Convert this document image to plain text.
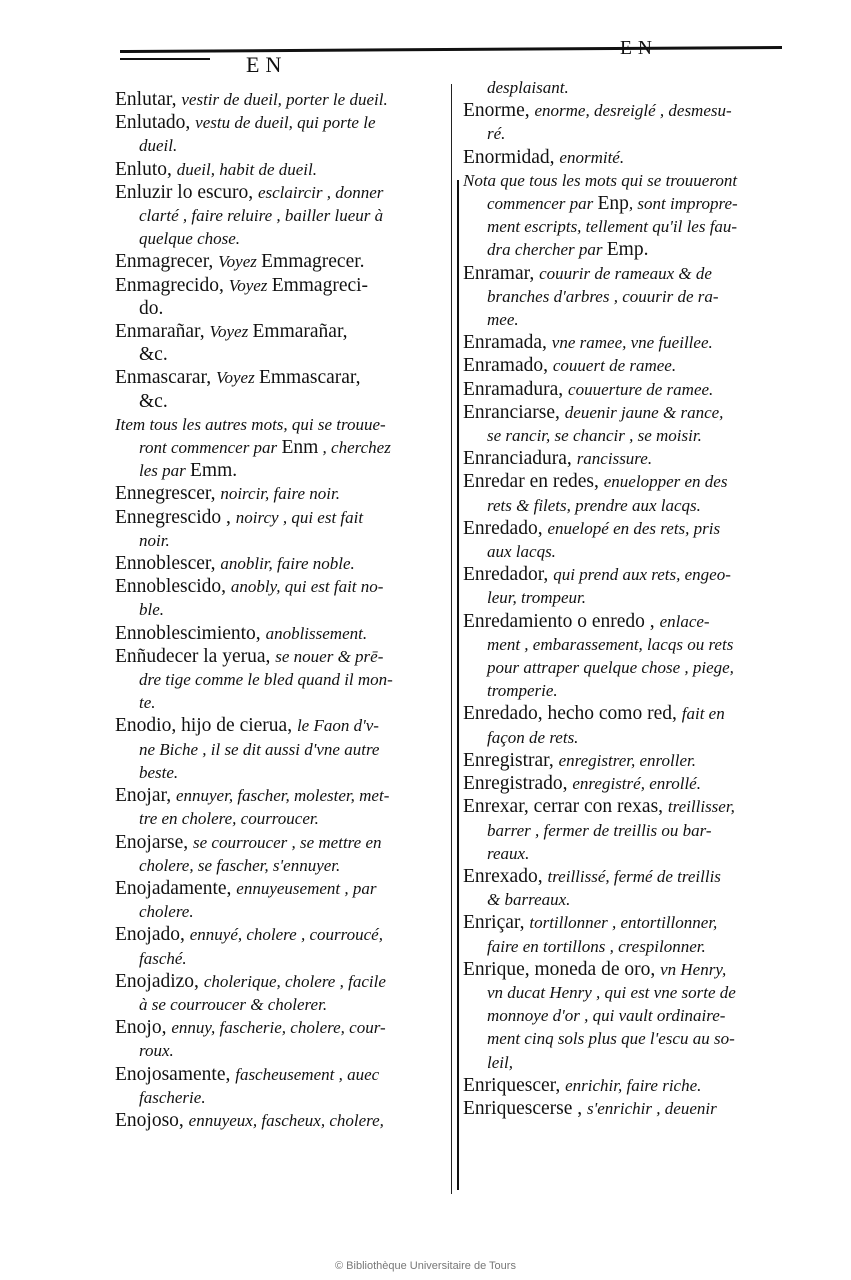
EN
EN
Enlutar, vestir de dueil, porter le dueil.
Enlutado, vestu de dueil, qui porte le
dueil.
Enluto, dueil, habit de dueil.
Enluzir lo escuro, esclaircir , donner
clarté , faire reluire , bailler lueur à
quelque chose.
Enmagrecer, Voyez Emmagrecer.
Enmagrecido, Voyez Emmagreci-
do.
Enmarañar, Voyez Emmarañar,
&c.
Enmascarar, Voyez Emmascarar,
&c.
Item tous les autres mots, qui se trouue-
ront commencer par Enm , cherchez
les par Emm.
Ennegrescer, noircir, faire noir.
Ennegrescido , noircy , qui est fait
noir.
Ennoblescer, anoblir, faire noble.
Ennoblescido, anobly, qui est fait no-
ble.
Ennoblescimiento, anoblissement.
Enñudecer la yerua, se nouer & prē-
dre tige comme le bled quand il mon-
te.
Enodio, hijo de cierua, le Faon d'v-
ne Biche , il se dit aussi d'vne autre
beste.
Enojar, ennuyer, fascher, molester, met-
tre en cholere, courroucer.
Enojarse, se courroucer , se mettre en
cholere, se fascher, s'ennuyer.
Enojadamente, ennuyeusement , par
cholere.
Enojado, ennuyé, cholere , courroucé,
fasché.
Enojadizo, cholerique, cholere , facile
à se courroucer & cholerer.
Enojo, ennuy, fascherie, cholere, cour-
roux.
Enojosamente, fascheusement , auec
fascherie.
Enojoso, ennuyeux, fascheux, cholere,
desplaisant.
Enorme, enorme, desreiglé , desmesu-
ré.
Enormidad, enormité.
Nota que tous les mots qui se trouueront
commencer par Enp, sont impropre-
ment escripts, tellement qu'il les fau-
dra chercher par Emp.
Enramar, couurir de rameaux & de
branches d'arbres , couurir de ra-
mee.
Enramada, vne ramee, vne fueillee.
Enramado, couuert de ramee.
Enramadura, couuerture de ramee.
Enranciarse, deuenir jaune & rance,
se rancir, se chancir , se moisir.
Enranciadura, rancissure.
Enredar en redes, enuelopper en des
rets & filets, prendre aux lacqs.
Enredado, enuelopé en des rets, pris
aux lacqs.
Enredador, qui prend aux rets, engeo-
leur, trompeur.
Enredamiento o enredo , enlace-
ment , embarassement, lacqs ou rets
pour attraper quelque chose , piege,
tromperie.
Enredado, hecho como red, fait en
façon de rets.
Enregistrar, enregistrer, enroller.
Enregistrado, enregistré, enrollé.
Enrexar, cerrar con rexas, treillisser,
barrer , fermer de treillis ou bar-
reaux.
Enrexado, treillissé, fermé de treillis
& barreaux.
Enriçar, tortillonner , entortillonner,
faire en tortillons , crespilonner.
Enrique, moneda de oro, vn Henry,
vn ducat Henry , qui est vne sorte de
monnoye d'or , qui vault ordinaire-
ment cinq sols plus que l'escu au so-
leil,
Enriquescer, enrichir, faire riche.
Enriquescerse , s'enrichir , deuenir
© Bibliothèque Universitaire de Tours
